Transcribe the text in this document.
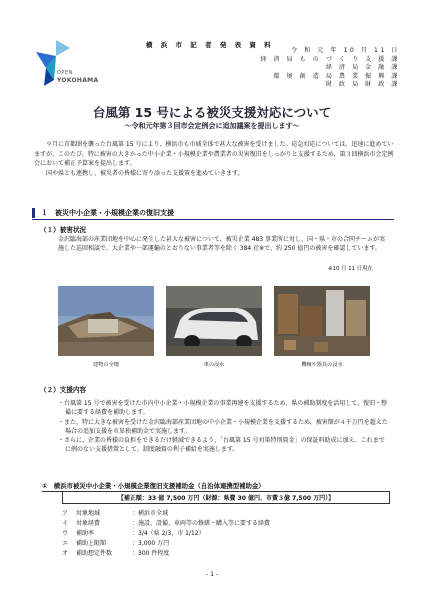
OPEN
YOKOHAMA
横 浜 市 記 者 発 表 資 料
令 和 元 年 10 月 11 日
経 済 局 も の づ く り 支 援 課
経 済 局 金 融 課
環 境 創 造 局 農 業 振 興 課
財 政 局 財 政 課
台風第 15 号による被災支援対応について
～令和元年第３回市会定例会に追加議案を提出します～

９月に首都圏を襲った台風第 15 号により、横浜市も市域全体で甚大な被害を受けました。応急対応については、迅速に進めていますが、このたび、特に被害の大きかった中小企業・小規模企業や農業者の災害復旧をしっかりと支援するため、第３回横浜市会定例会において補正予算案を提出します。

国や県とも連携し、被災者の皆様に寄り添った支援策を進めていきます。

１　被災中小企業・小規模企業の復旧支援
（１）被害状況
金沢臨海部の産業団地を中心に発生した甚大な被害について、被災企業 483 事業所に対し、国・県・市の合同チームが実施した巡回相談で、大企業や一部運輸のとおりない事業者等を除く 384 社※で、約 250 億円の被害を確認しています。
※10 月 11 日現在
建物の全壊	車の浸水	機械や器具の浸水
（２）支援内容
・台風第 15 号で被害を受けた市内中小企業・小規模企業の事業再建を支援するため、県の補助制度を活用して、復旧・整備に要する経費を補助します。
・また、特に大きな被害を受けた金沢臨海部産業団地の中小企業・小規模企業を支援するため、被害額が４千万円を超えた場合の追加支援を市単独補助金で実施します。
・さらに、企業の皆様の負担をできるだけ軽減できるよう、「台風第 15 号対策特別資金」の保証料助成に加え、これまでに例のない支援措置として、制度融資の利子補給を実施します。
①　横浜市被災中小企業・小規模企業復旧支援補助金（自治体連携型補助金）
【補正額：33 億 7,500 万円（財源：県費 30 億円、市費３億 7,500 万円）】
ア	対象地域	：横浜市全域
イ	対象経費	：施設、設備、車両等の修繕・購入等に要する経費
ウ	補助率	：3/4（県 2/3、市 1/12）
エ	補助上限額	：3,000 万円
オ	補助想定件数	：300 件程度
- 1 -
